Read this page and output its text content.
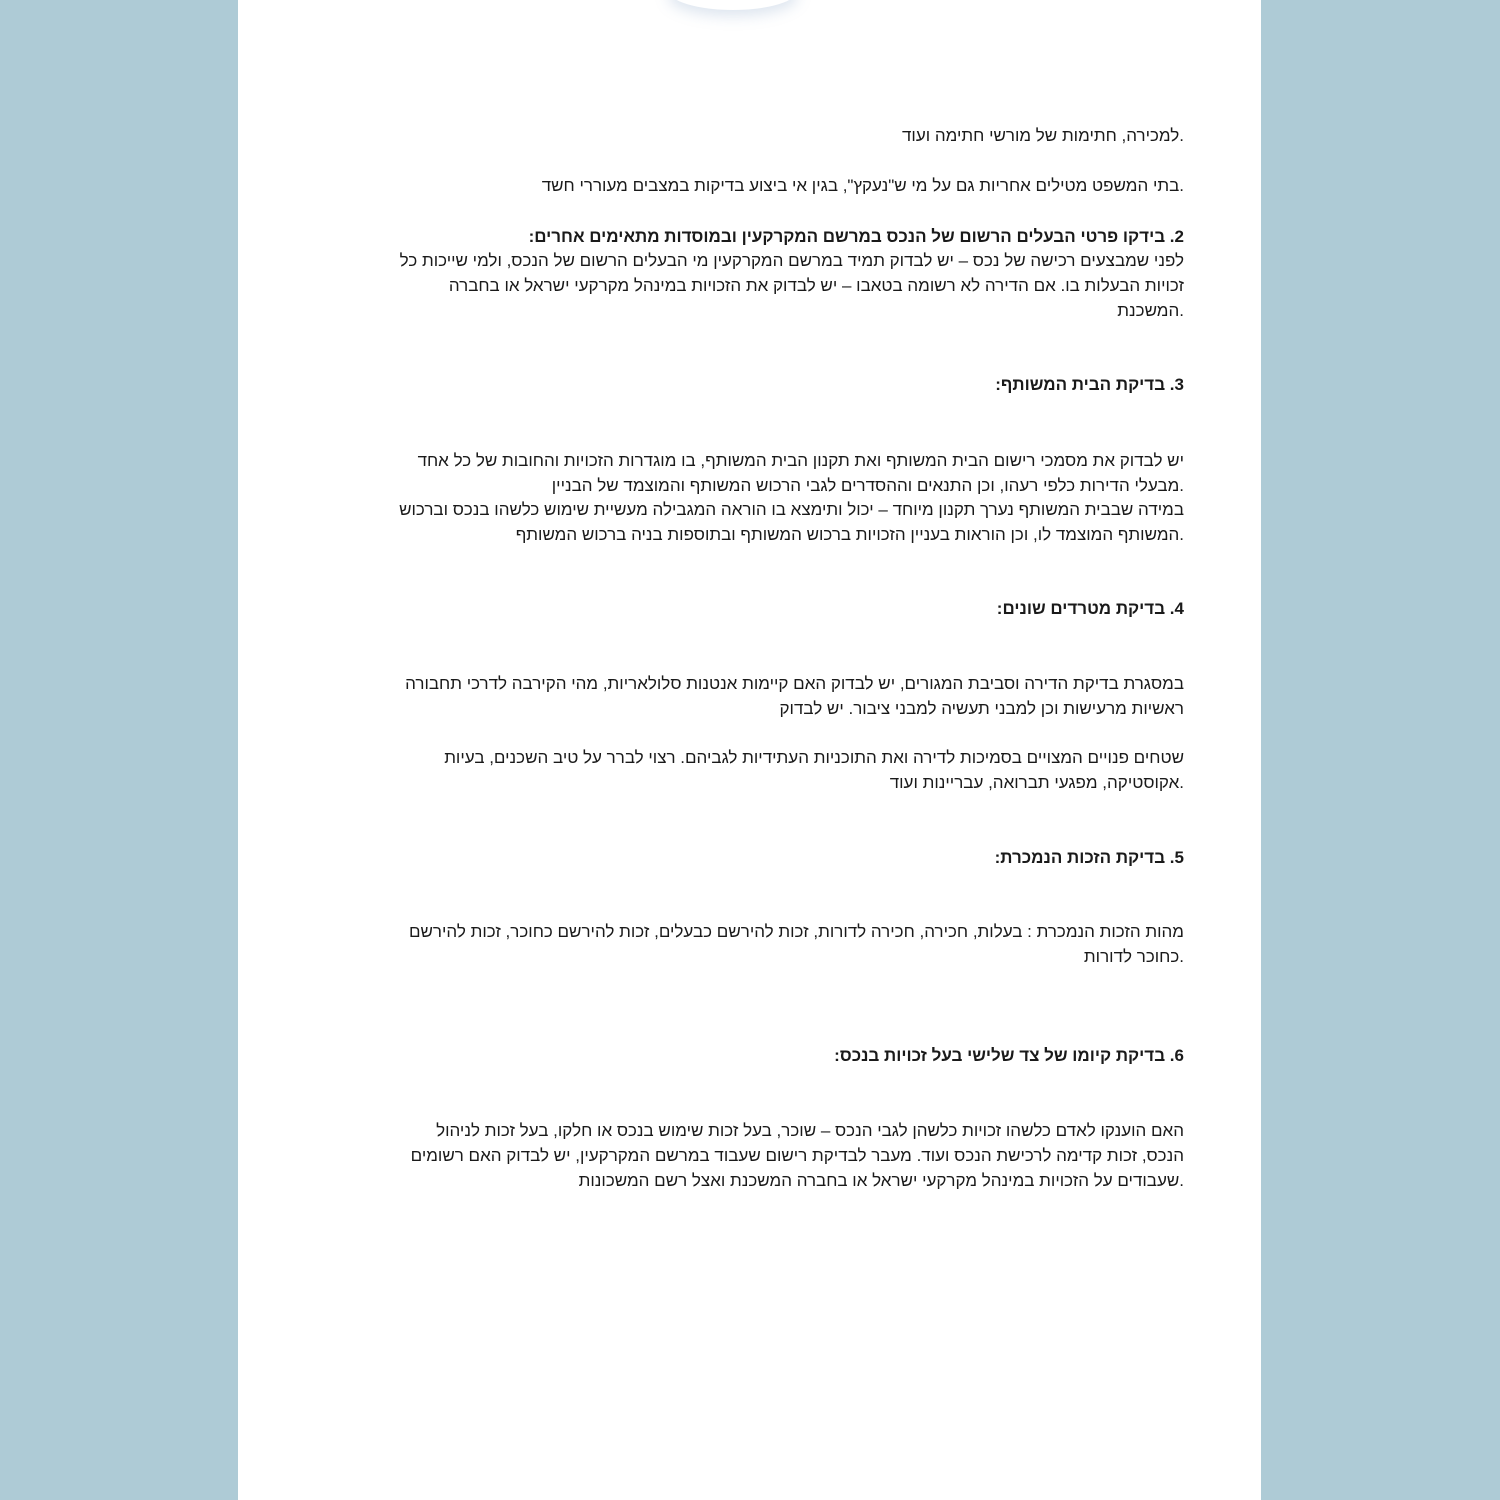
.למכירה, חתימות של מורשי חתימה ועוד
.בתי המשפט מטילים אחריות גם על מי ש"נעקץ", בגין אי ביצוע בדיקות במצבים מעוררי חשד
2. בידקו פרטי הבעלים הרשום של הנכס במרשם המקרקעין ובמוסדות מתאימים אחרים:
לפני שמבצעים רכישה של נכס – יש לבדוק תמיד במרשם המקרקעין מי הבעלים הרשום של הנכס, ולמי שייכות כל
זכויות הבעלות בו. אם הדירה לא רשומה בטאבו – יש לבדוק את הזכויות במינהל מקרקעי ישראל או בחברה
.המשכנת
3. בדיקת הבית המשותף:
יש לבדוק את מסמכי רישום הבית המשותף ואת תקנון הבית המשותף, בו מוגדרות הזכויות והחובות של כל אחד
.מבעלי הדירות כלפי רעהו, וכן התנאים וההסדרים לגבי הרכוש המשותף והמוצמד של הבניין
במידה שבבית המשותף נערך תקנון מיוחד – יכול ותימצא בו הוראה המגבילה מעשיית שימוש כלשהו בנכס וברכוש
.המשותף המוצמד לו, וכן הוראות בעניין הזכויות ברכוש המשותף ובתוספות בניה ברכוש המשותף
4. בדיקת מטרדים שונים:
במסגרת בדיקת הדירה וסביבת המגורים, יש לבדוק האם קיימות אנטנות סלולאריות, מהי הקירבה לדרכי תחבורה
ראשיות מרעישות וכן למבני תעשיה למבני ציבור. יש לבדוק
שטחים פנויים המצויים בסמיכות לדירה ואת התוכניות העתידיות לגביהם. רצוי לברר על טיב השכנים, בעיות
.אקוסטיקה, מפגעי תברואה, עבריינות ועוד
5. בדיקת הזכות הנמכרת:
מהות הזכות הנמכרת : בעלות, חכירה, חכירה לדורות, זכות להירשם כבעלים, זכות להירשם כחוכר, זכות להירשם
.כחוכר לדורות
6. בדיקת קיומו של צד שלישי בעל זכויות בנכס:
האם הוענקו לאדם כלשהו זכויות כלשהן לגבי הנכס – שוכר, בעל זכות שימוש בנכס או חלקו, בעל זכות לניהול
הנכס, זכות קדימה לרכישת הנכס ועוד. מעבר לבדיקת רישום שעבוד במרשם המקרקעין, יש לבדוק האם רשומים
.שעבודים על הזכויות במינהל מקרקעי ישראל או בחברה המשכנת ואצל רשם המשכונות
